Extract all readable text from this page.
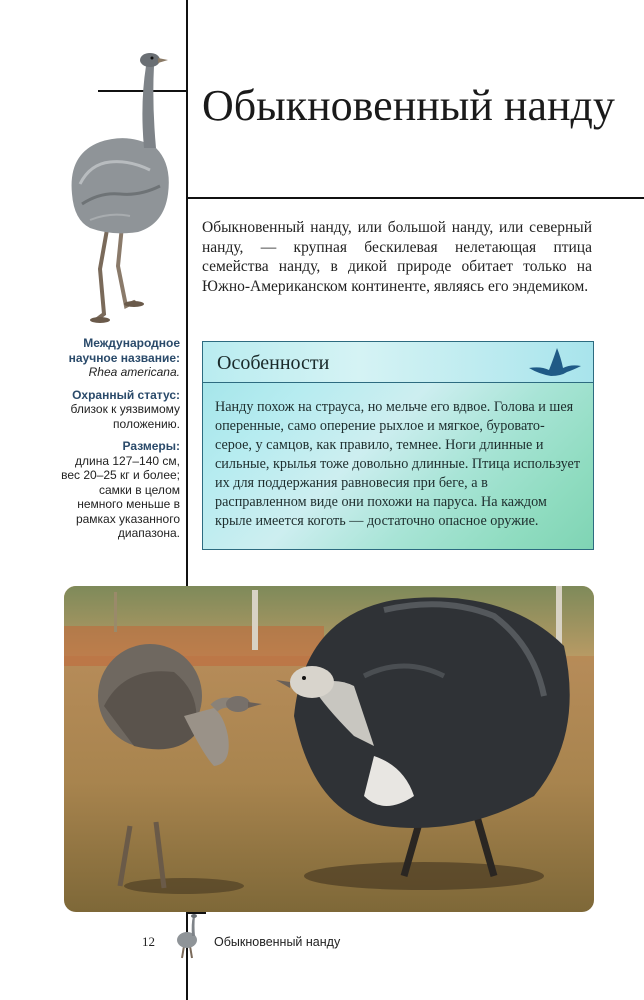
Обыкновенный нанду

Обыкновенный нанду, или большой нанду, или северный нанду, — крупная бескилевая нелетающая птица семейства нанду, в дикой природе обитает только на Южно-Американском континенте, являясь его эндемиком.

Международное научное название:
Rhea americana.
Охранный статус:
близок к уязвимому положению.
Размеры:
длина 127–140 см, вес 20–25 кг и более; самки в целом немного меньше в рамках указанного диапазона.
Особенности

Нанду похож на страуса, но мельче его вдвое. Голова и шея оперенные, само оперение рыхлое и мягкое, буровато-серое, у самцов, как правило, темнее. Ноги длинные и сильные, крылья тоже довольно длинные. Птица использует их для поддержания равновесия при беге, а в расправленном виде они похожи на паруса. На каждом крыле имеется коготь — достаточно опасное оружие.

12	Обыкновенный нанду
